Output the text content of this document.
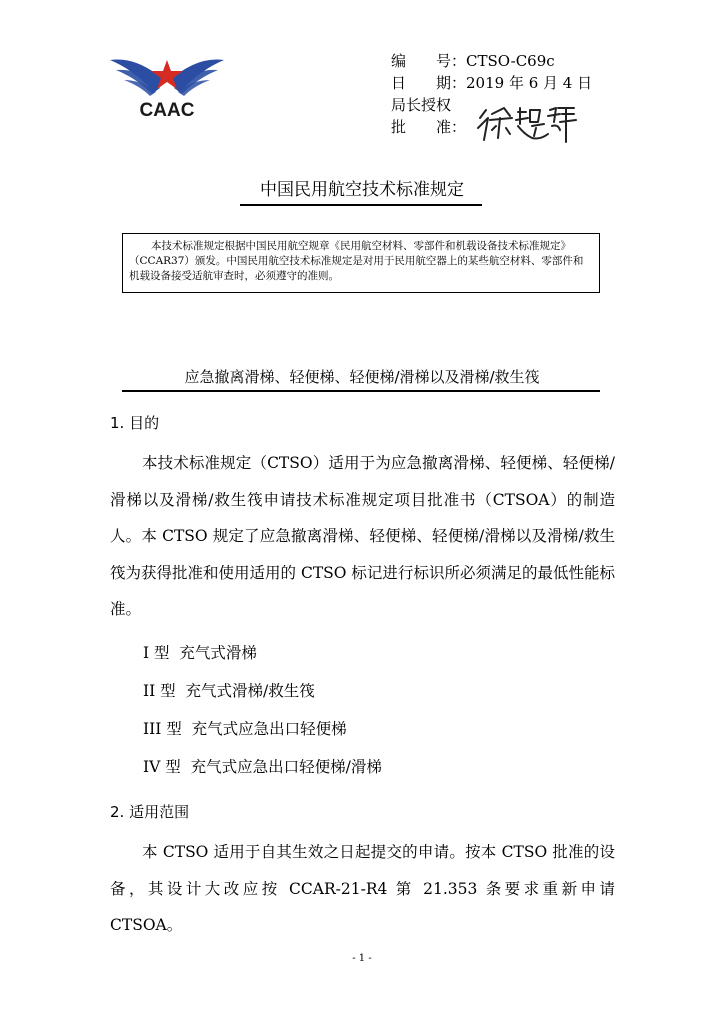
CAAC
编　　号： CTSO-C69c
日　　期： 2019 年 6 月 4 日
局长授权
批　　准：
中国民用航空技术标准规定
本技术标准规定根据中国民用航空规章《民用航空材料、零部件和机载设备技术标准规定》（CCAR37）颁发。中国民用航空技术标准规定是对用于民用航空器上的某些航空材料、零部件和机载设备接受适航审查时，必须遵守的准则。
应急撤离滑梯、轻便梯、轻便梯/滑梯以及滑梯/救生筏
1. 目的

本技术标准规定（CTSO）适用于为应急撤离滑梯、轻便梯、轻便梯/滑梯以及滑梯/救生筏申请技术标准规定项目批准书（CTSOA）的制造人。本 CTSO 规定了应急撤离滑梯、轻便梯、轻便梯/滑梯以及滑梯/救生筏为获得批准和使用适用的 CTSO 标记进行标识所必须满足的最低性能标准。

I 型  充气式滑梯
II 型  充气式滑梯/救生筏
III 型  充气式应急出口轻便梯
IV 型  充气式应急出口轻便梯/滑梯
2. 适用范围

本 CTSO 适用于自其生效之日起提交的申请。按本 CTSO 批准的设备，其设计大改应按 CCAR-21-R4 第 21.353 条要求重新申请 CTSOA。

- 1 -
